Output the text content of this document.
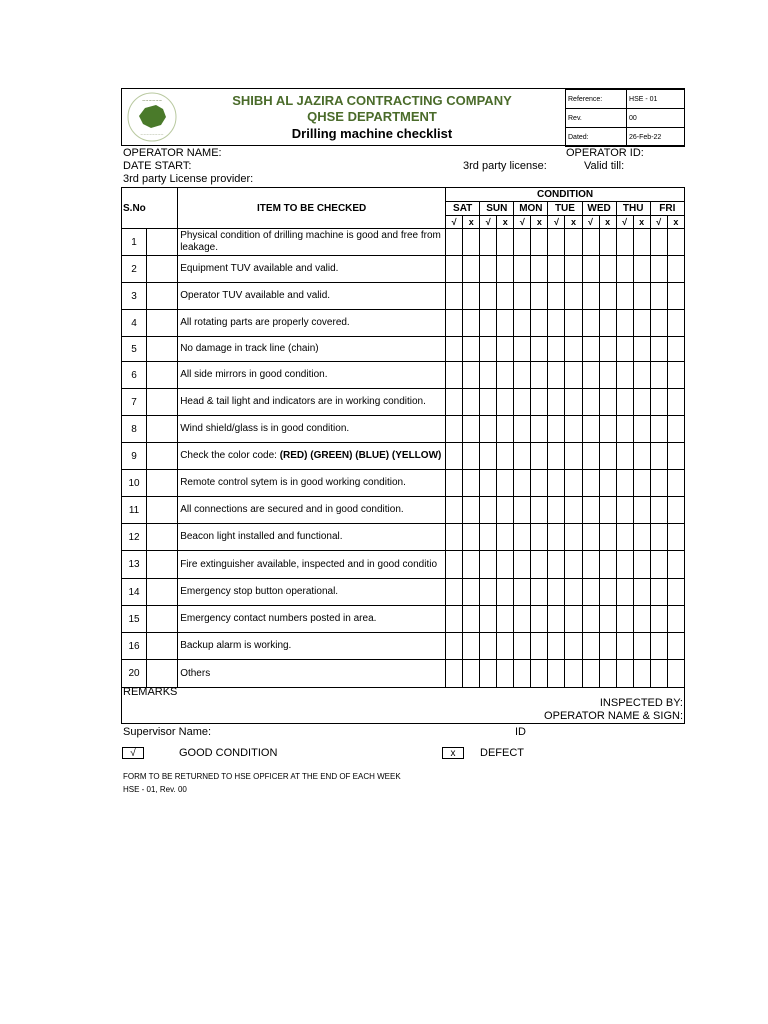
~~~~~~
~~~~~~~~
SHIBH AL JAZIRA CONTRACTING COMPANY
QHSE DEPARTMENT
Drilling machine checklist
Reference:	HSE - 01
Rev.	00
Dated:	26-Feb-22
OPERATOR NAME:	OPERATOR ID:
DATE START:	3rd party license:	Valid till:
3rd party License provider:
S.No		ITEM TO BE CHECKED	CONDITION													
			SAT		SUN		MON		TUE		WED		THU		FRI	
			√	x	√	x	√	x	√	x	√	x	√	x	√	x
1		Physical condition of drilling machine is good and free from leakage.														
2		Equipment TUV available and valid.														
3		Operator TUV available and valid.														
4		All rotating parts are properly covered.														
5		No damage in track line (chain)														
6		All side mirrors in good condition.														
7		Head & tail light and indicators are in working condition.														
8		Wind shield/glass is in good condition.														
9		Check the color code: (RED) (GREEN) (BLUE) (YELLOW)														
10		Remote control sytem is in good working condition.														
11		All connections are secured and in good condition.														
12		Beacon light installed and functional.														
13		Fire extinguisher available, inspected and in good conditio														
14		Emergency stop button operational.														
15		Emergency contact numbers posted in area.														
16		Backup alarm is working.														
20		Others														
REMARKS
INSPECTED BY:
OPERATOR NAME & SIGN:
Supervisor Name:	ID
√	GOOD CONDITION	x	DEFECT
FORM TO BE RETURNED TO HSE OPFICER AT THE END OF EACH WEEK
HSE - 01, Rev. 00
